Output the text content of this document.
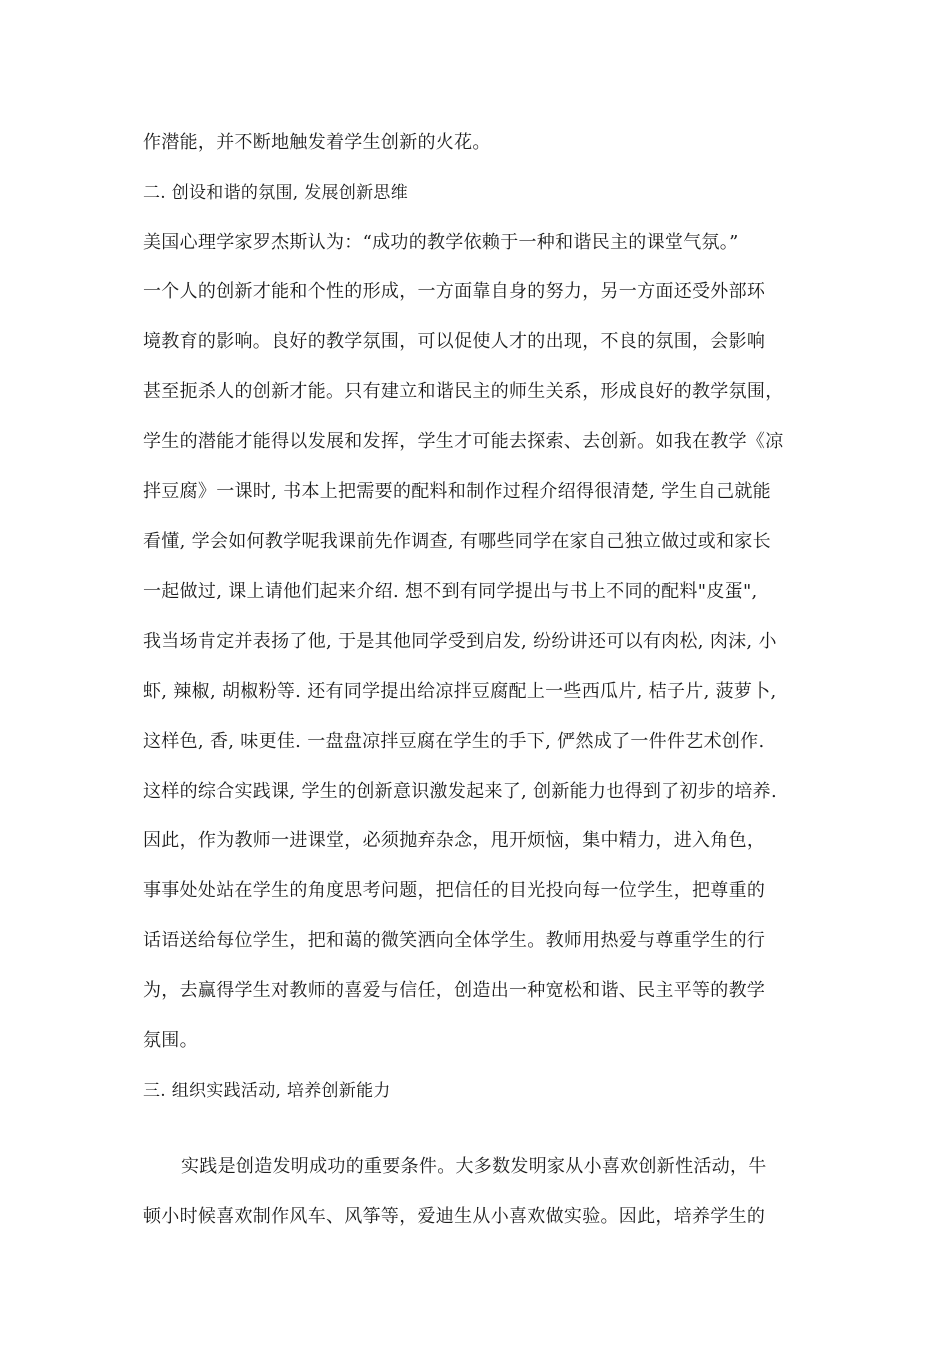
作潜能，并不断地触发着学生创新的火花。
二. 创设和谐的氛围, 发展创新思维
美国心理学家罗杰斯认为：“成功的教学依赖于一种和谐民主的课堂气氛。”
一个人的创新才能和个性的形成，一方面靠自身的努力，另一方面还受外部环
境教育的影响。良好的教学氛围，可以促使人才的出现，不良的氛围，会影响
甚至扼杀人的创新才能。只有建立和谐民主的师生关系，形成良好的教学氛围，
学生的潜能才能得以发展和发挥，学生才可能去探索、去创新。如我在教学《凉
拌豆腐》一课时, 书本上把需要的配料和制作过程介绍得很清楚, 学生自己就能
看懂, 学会如何教学呢我课前先作调查, 有哪些同学在家自己独立做过或和家长
一起做过, 课上请他们起来介绍. 想不到有同学提出与书上不同的配料"皮蛋",
我当场肯定并表扬了他, 于是其他同学受到启发, 纷纷讲还可以有肉松, 肉沫, 小
虾, 辣椒, 胡椒粉等. 还有同学提出给凉拌豆腐配上一些西瓜片, 桔子片, 菠萝卜,
这样色, 香, 味更佳. 一盘盘凉拌豆腐在学生的手下, 俨然成了一件件艺术创作.
这样的综合实践课, 学生的创新意识激发起来了, 创新能力也得到了初步的培养.
因此，作为教师一进课堂，必须抛弃杂念，甩开烦恼，集中精力，进入角色，
事事处处站在学生的角度思考问题，把信任的目光投向每一位学生，把尊重的
话语送给每位学生，把和蔼的微笑洒向全体学生。教师用热爱与尊重学生的行
为，去赢得学生对教师的喜爱与信任，创造出一种宽松和谐、民主平等的教学
氛围。
三. 组织实践活动, 培养创新能力
实践是创造发明成功的重要条件。大多数发明家从小喜欢创新性活动，牛
顿小时候喜欢制作风车、风筝等，爱迪生从小喜欢做实验。因此，培养学生的
